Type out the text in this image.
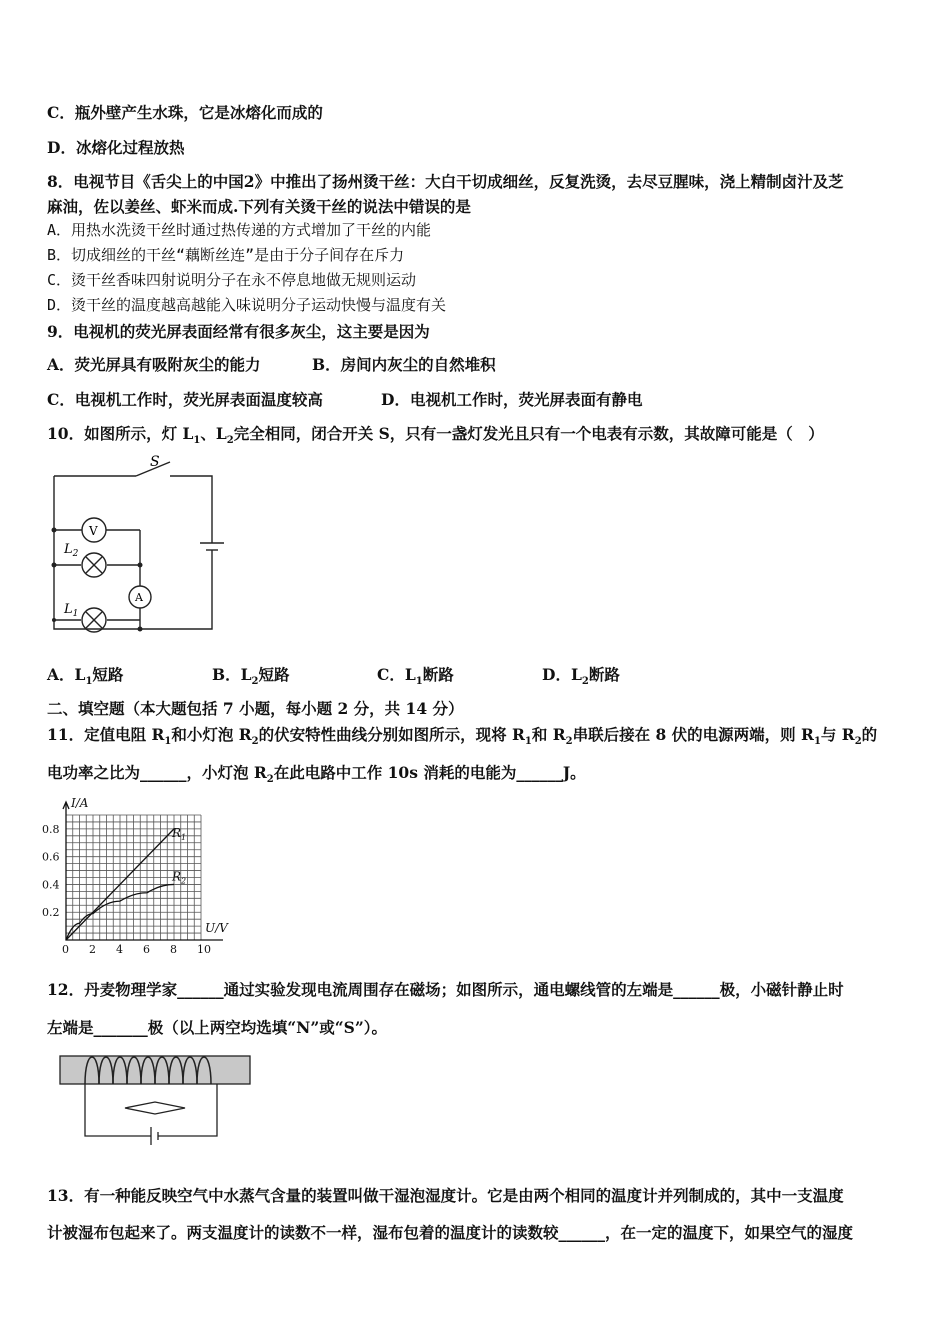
C．瓶外壁产生水珠，它是冰熔化而成的
D．冰熔化过程放热
8．电视节目《舌尖上的中国2》中推出了扬州烫干丝：大白干切成细丝，反复洗烫，去尽豆腥味，浇上精制卤汁及芝
麻油，佐以姜丝、虾米而成.下列有关烫干丝的说法中错误的是
A．用热水洗烫干丝时通过热传递的方式增加了干丝的内能
B．切成细丝的干丝“藕断丝连”是由于分子间存在斥力
C．烫干丝香味四射说明分子在永不停息地做无规则运动
D．烫干丝的温度越高越能入味说明分子运动快慢与温度有关
9．电视机的荧光屏表面经常有很多灰尘，这主要是因为
A．荧光屏具有吸附灰尘的能力	B．房间内灰尘的自然堆积
C．电视机工作时，荧光屏表面温度较高	D．电视机工作时，荧光屏表面有静电
10．如图所示，灯 $L_1$、$L_2$完全相同，闭合开关 S，只有一盏灯发光且只有一个电表有示数，其故障可能是（　）
S
V
A
$L_2$
$L_1$
A．$L_1$短路	B．$L_2$短路	C．$L_1$断路	D．$L_2$断路
二、填空题（本大题包括 7 小题，每小题 2 分，共 14 分）
11．定值电阻 $R_1$和小灯泡 $R_2$的伏安特性曲线分别如图所示，现将 $R_1$和 $R_2$串联后接在 8 伏的电源两端，则 $R_1$与 $R_2$的
电功率之比为______，小灯泡 $R_2$在此电路中工作 10s 消耗的电能为______J。
0 2 4 6 8 10
0.2
0.4
0.6
0.8
I/A
U/V
$R_1$
$R_2$
12．丹麦物理学家______通过实验发现电流周围存在磁场；如图所示，通电螺线管的左端是______极，小磁针静止时
左端是_______极（以上两空均选填“N”或“S”）。
13．有一种能反映空气中水蒸气含量的装置叫做干湿泡湿度计。它是由两个相同的温度计并列制成的，其中一支温度
计被湿布包起来了。两支温度计的读数不一样，湿布包着的温度计的读数较______，在一定的温度下，如果空气的湿度
